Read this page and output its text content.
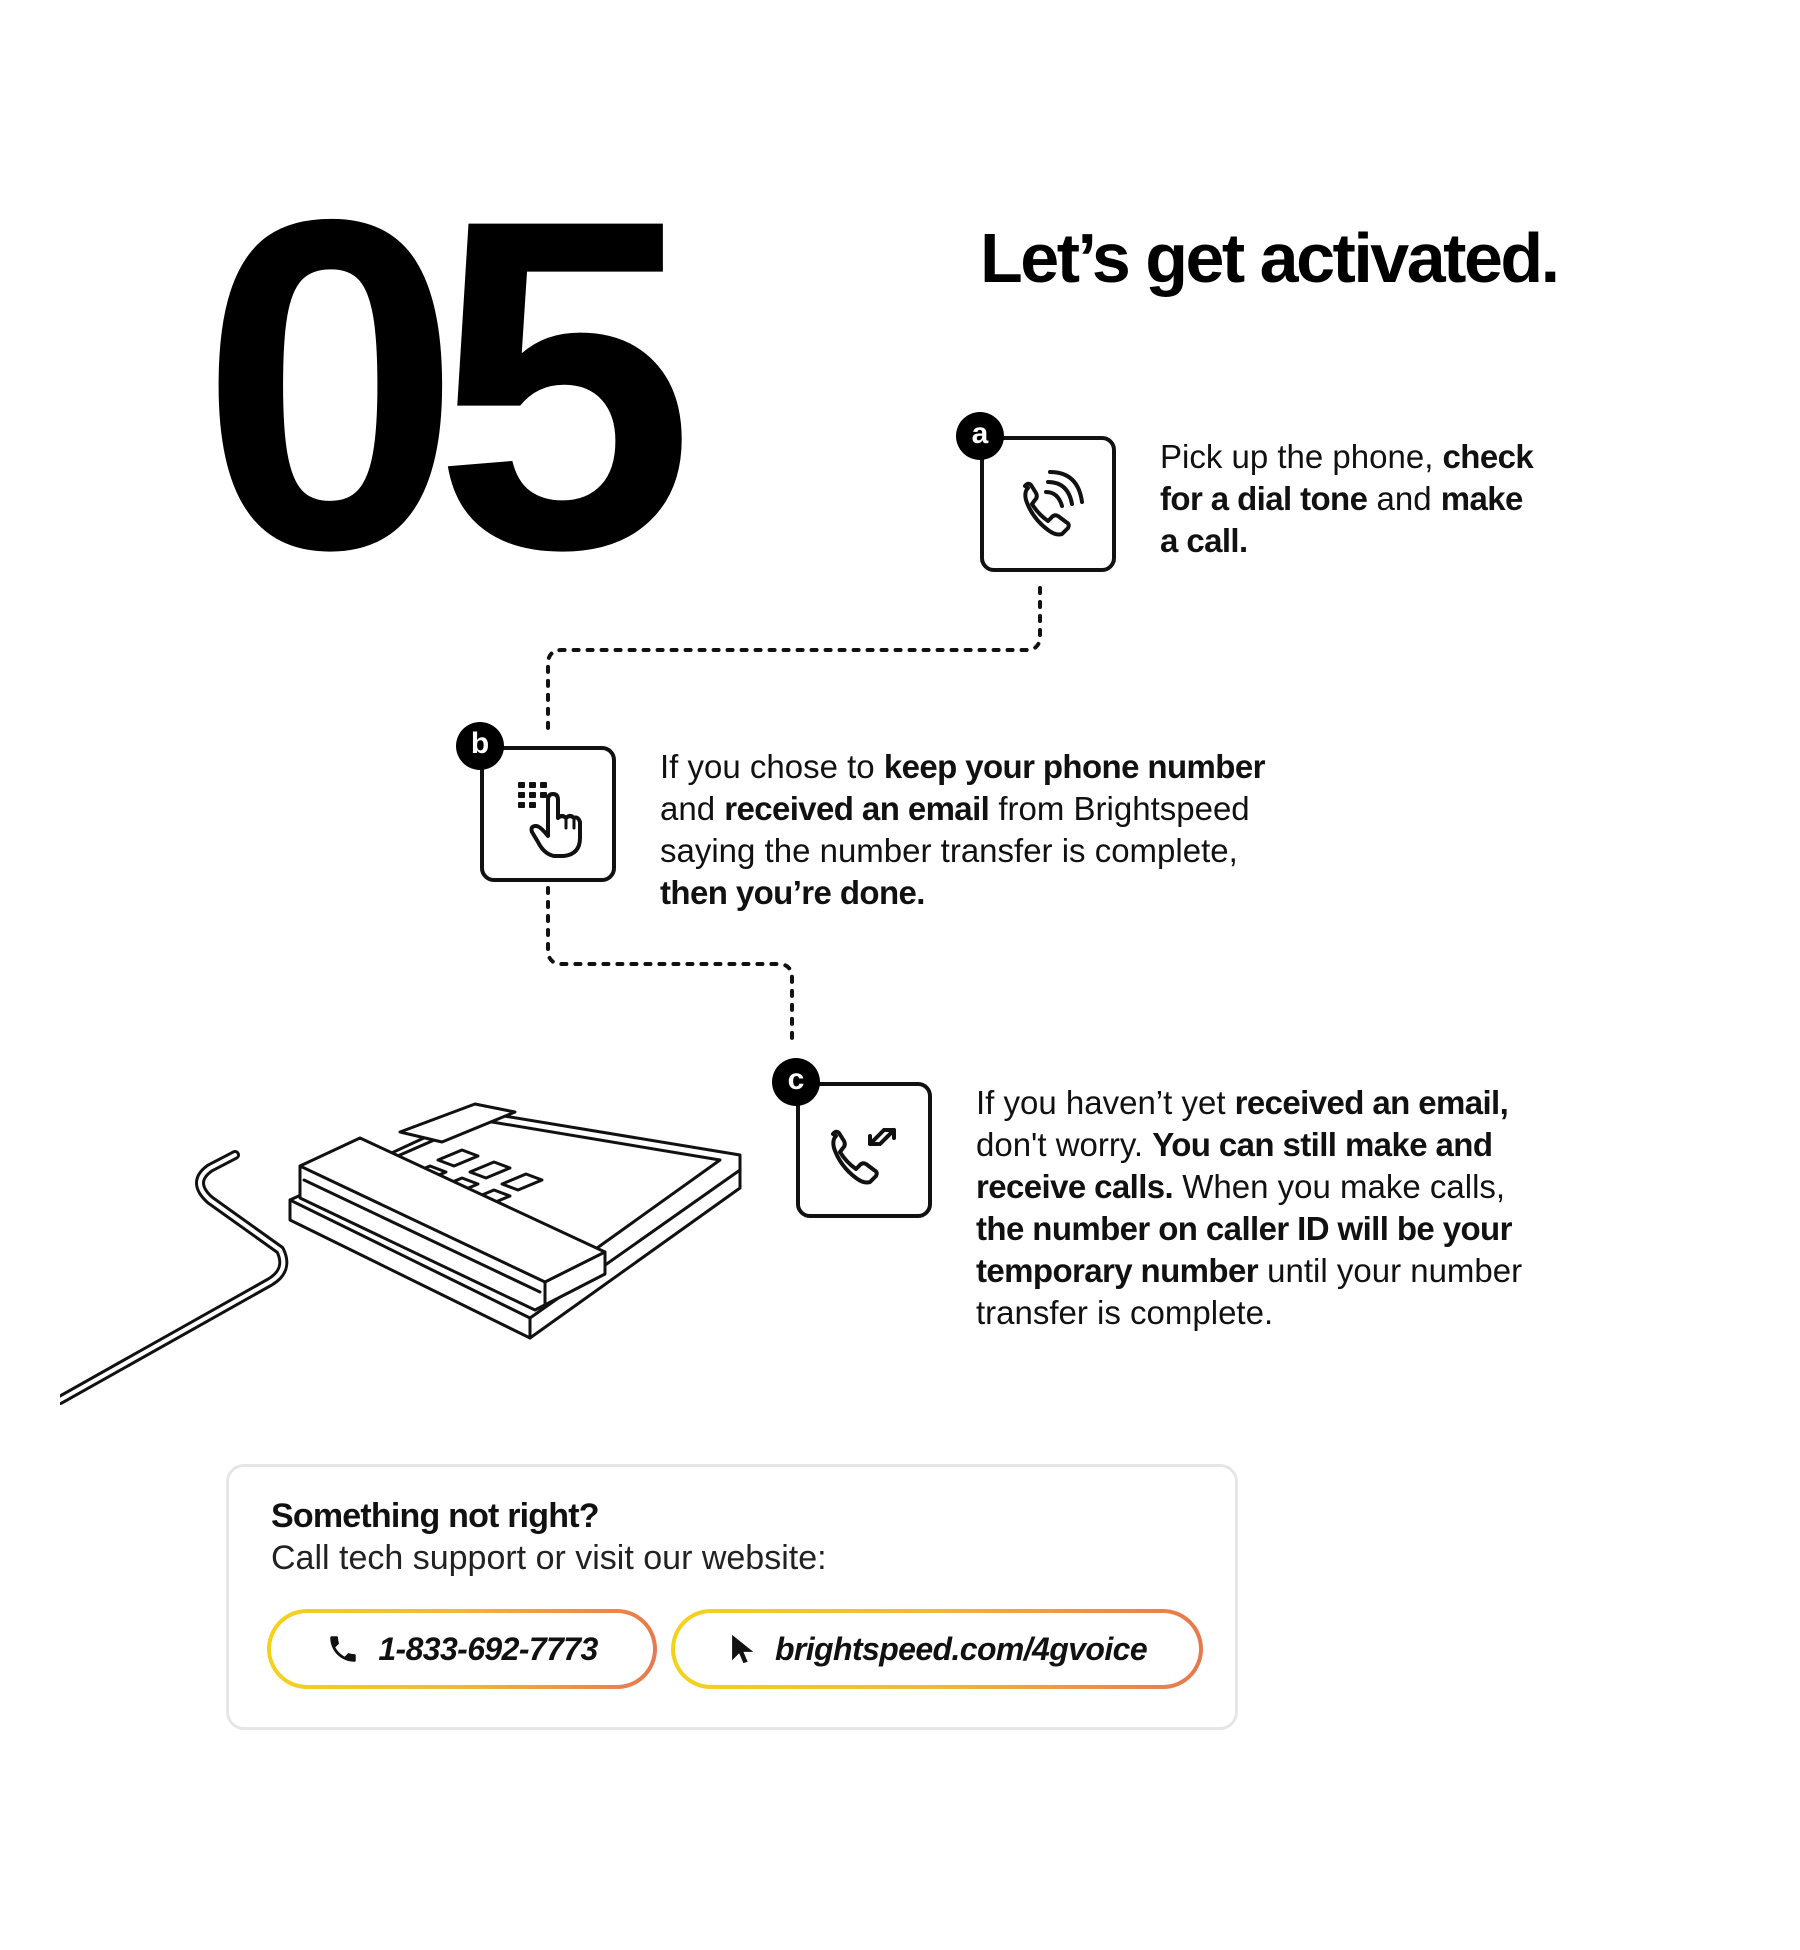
05	Let’s get activated.
a
Pick up the phone, check
for a dial tone and make
a call.
b
If you chose to keep your phone number
and received an email from Brightspeed
saying the number transfer is complete,
then you’re done.
c
If you haven’t yet received an email,
don't worry. You can still make and
receive calls. When you make calls,
the number on caller ID will be your
temporary number until your number
transfer is complete.
Something not right?
Call tech support or visit our website:
1-833-692-7773	brightspeed.com/4gvoice
